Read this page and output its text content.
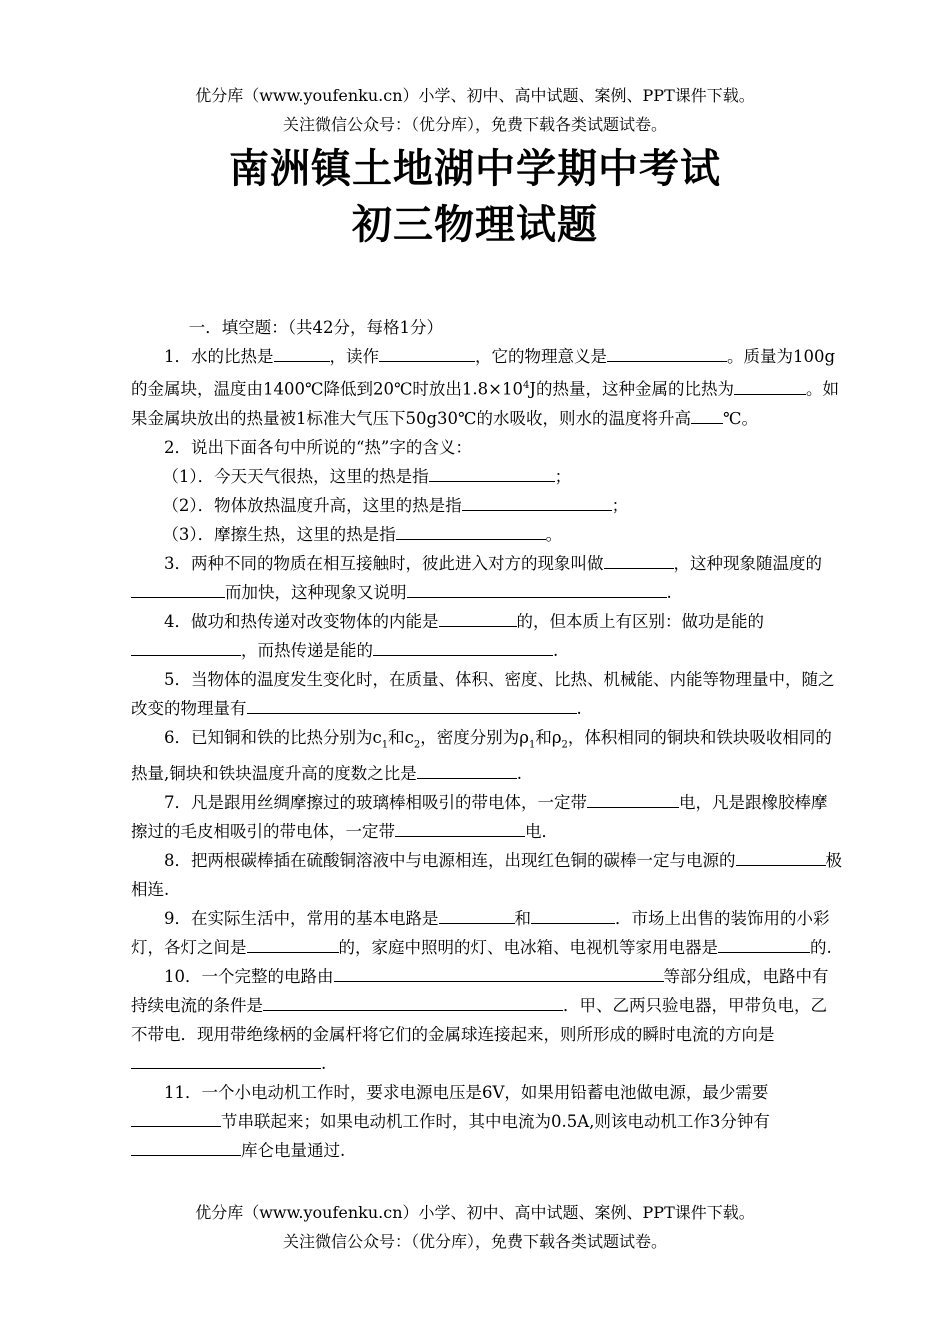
优分库（www.youfenku.cn）小学、初中、高中试题、案例、PPT课件下载。
关注微信公众号：（优分库），免费下载各类试题试卷。
南洲镇土地湖中学期中考试
初三物理试题

一．填空题：（共42分，每格1分）

1．水的比热是	，读作	，它的物理意义是	。质量为100g的金属块，温度由1400℃降低到20℃时放出$1.8\times 10^4J$的热量，这种金属的比热为	。如果金属块放出的热量被1标准大气压下50g30℃的水吸收，则水的温度将升高 ℃。

2．说出下面各句中所说的“热”字的含义：

（1）．今天天气很热，这里的热是指	；

（2）．物体放热温度升高，这里的热是指	；

（3）．摩擦生热，这里的热是指	。

3．两种不同的物质在相互接触时，彼此进入对方的现象叫做	，这种现象随温度的而加快，这种现象又说明	.

4．做功和热传递对改变物体的内能是	的，但本质上有区别：做功是能的，而热传递是能的	.

5．当物体的温度发生变化时，在质量、体积、密度、比热、机械能、内能等物理量中，随之改变的物理量有	.

6．已知铜和铁的比热分别为$c_1$和$c_2$，密度分别为$\rho_1$和$\rho_2$，体积相同的铜块和铁块吸收相同的热量,铜块和铁块温度升高的度数之比是	.

7．凡是跟用丝绸摩擦过的玻璃棒相吸引的带电体，一定带	电，凡是跟橡胶棒摩擦过的毛皮相吸引的带电体，一定带	电．

8．把两根碳棒插在硫酸铜溶液中与电源相连，出现红色铜的碳棒一定与电源的	极相连.

9．在实际生活中，常用的基本电路是	和	．市场上出售的装饰用的小彩灯，各灯之间是	的，家庭中照明的灯、电冰箱、电视机等家用电器是	的.

10．一个完整的电路由	等部分组成，电路中有持续电流的条件是	．甲、乙两只验电器，甲带负电，乙不带电．现用带绝缘柄的金属杆将它们的金属球连接起来，则所形成的瞬时电流的方向是.

11．一个小电动机工作时，要求电源电压是6V，如果用铅蓄电池做电源，最少需要节串联起来；如果电动机工作时，其中电流为0.5A,则该电动机工作3分钟有库仑电量通过.

优分库（www.youfenku.cn）小学、初中、高中试题、案例、PPT课件下载。
关注微信公众号：（优分库），免费下载各类试题试卷。
